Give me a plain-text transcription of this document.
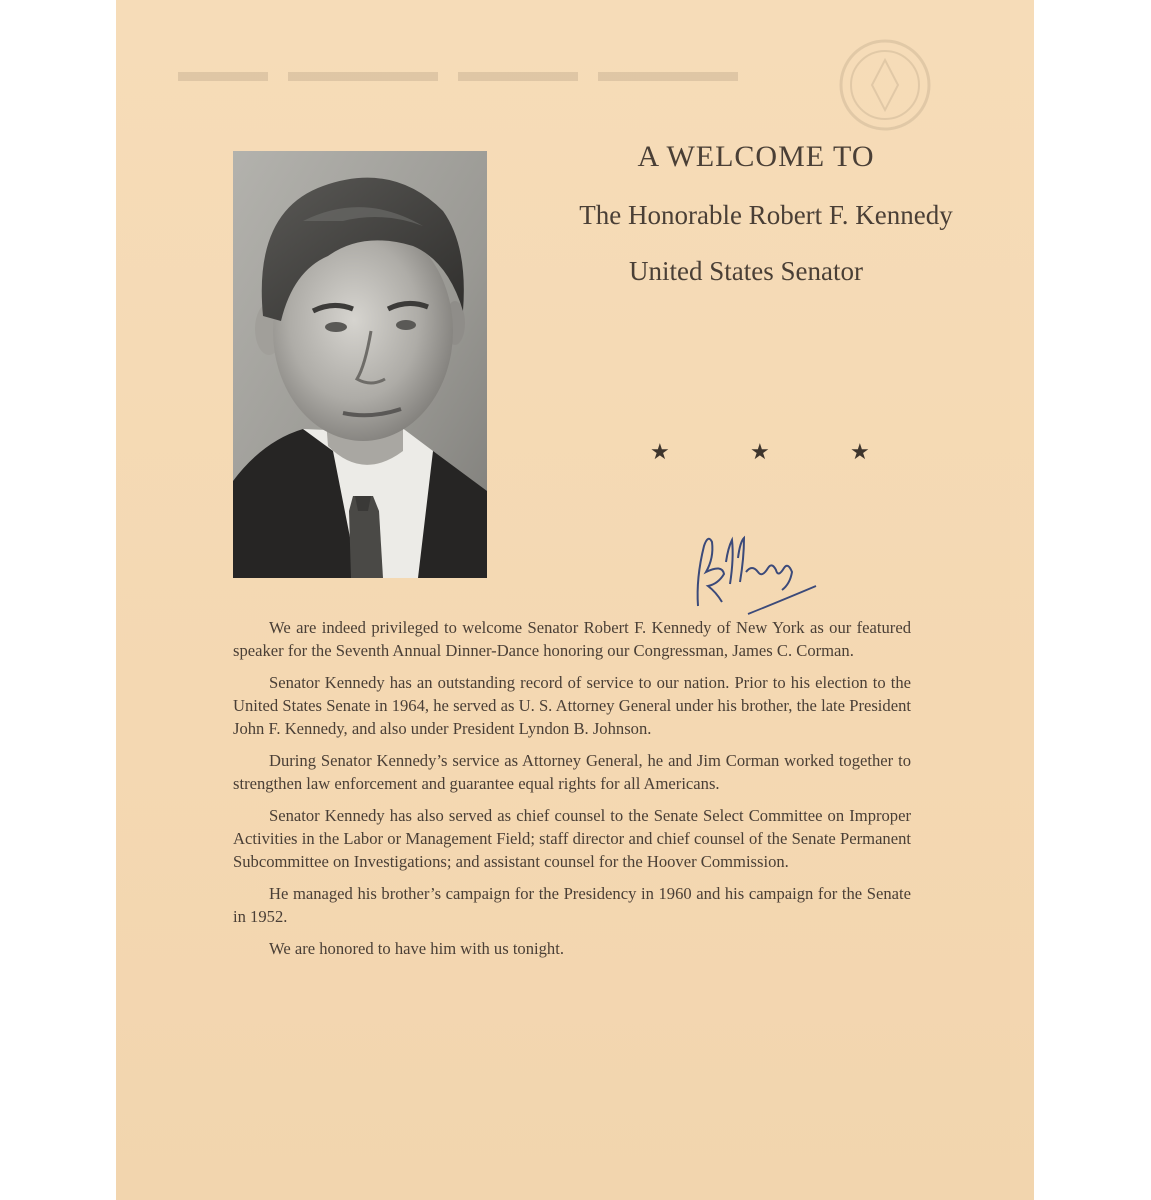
A WELCOME TO
The Honorable Robert F. Kennedy
United States Senator
★	★	★

We are indeed privileged to welcome Senator Robert F. Kennedy of New York as our featured speaker for the Seventh Annual Dinner-Dance honoring our Congressman, James C. Corman.

Senator Kennedy has an outstanding record of service to our nation. Prior to his election to the United States Senate in 1964, he served as U. S. Attorney General under his brother, the late President John F. Kennedy, and also under President Lyndon B. Johnson.

During Senator Kennedy’s service as Attorney General, he and Jim Corman worked together to strengthen law enforcement and guarantee equal rights for all Americans.

Senator Kennedy has also served as chief counsel to the Senate Select Committee on Improper Activities in the Labor or Management Field; staff director and chief counsel of the Senate Permanent Subcommittee on Investigations; and assistant counsel for the Hoover Commission.

He managed his brother’s campaign for the Presidency in 1960 and his campaign for the Senate in 1952.

We are honored to have him with us tonight.
